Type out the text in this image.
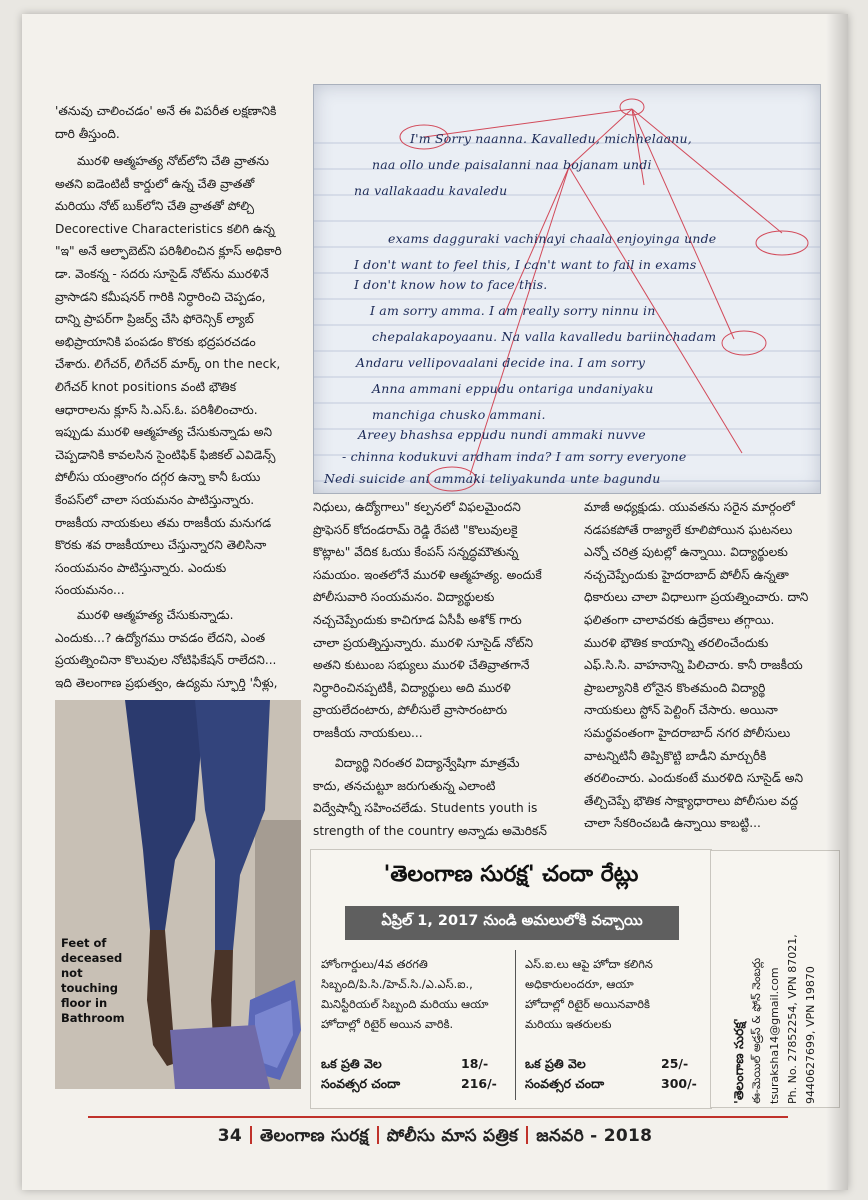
'తనువు చాలించడం' అనే ఈ విపరీత లక్షణానికి
దారి తీస్తుంది.
మురళి ఆత్మహత్య నోట్‌లోని చేతి వ్రాతను
అతని ఐడెంటిటీ కార్డులో ఉన్న చేతి వ్రాతతో
మరియు నోట్ బుక్‌లోని చేతి వ్రాతతో పోల్చి
Decorective Characteristics కలిగి ఉన్న
"ఇ" అనే ఆల్ఫాబెట్‌ని పరిశీలించిన క్లూస్ అధికారి
డా. వెంకన్న - సదరు సూసైడ్ నోట్‌ను మురళినే
వ్రాసాడని కమీషనర్ గారికి నిర్ధారించి చెప్పడం,
దాన్ని ప్రాపర్‌గా ప్రిజర్వ్ చేసి ఫోరెన్సిక్ ల్యాబ్
అభిప్రాయానికి పంపడం కొరకు భద్రపరచడం
చేశారు. లిగేచర్, లిగేచర్ మార్క్ on the neck,
లిగేచర్ knot positions వంటి భౌతిక
ఆధారాలను క్లూస్ సి.ఎస్.ఓ. పరిశీలించారు.
ఇప్పుడు మురళి ఆత్మహత్య చేసుకున్నాడు అని
చెప్పడానికి కావలసిన సైంటిఫిక్ ఫిజికల్ ఎవిడెన్స్
పోలీసు యంత్రాంగం దగ్గర ఉన్నా కానీ ఓయు
కేంపస్‌లో చాలా సయమనం పాటిస్తున్నారు.
రాజకీయ నాయకులు తమ రాజకీయ మనుగడ
కొరకు శవ రాజకీయాలు చేస్తున్నారని తెలిసినా
సంయమనం పాటిస్తున్నారు. ఎందుకు
సంయమనం...
మురళి ఆత్మహత్య చేసుకున్నాడు.
ఎందుకు...? ఉద్యోగము రావడం లేదని, ఎంత
ప్రయత్నించినా కొలువుల నోటిఫికేషన్ రాలేదని...
ఇది తెలంగాణ ప్రభుత్వం, ఉద్యమ స్ఫూర్తి 'నీళ్లు,
I'm Sorry naanna. Kavalledu, michhelaanu,
naa ollo unde paisalanni naa bojanam undi
na vallakaadu kavaledu
exams dagguraki vachinayi chaala enjoyinga unde
I don't want to feel this, I can't want to fail in exams
I don't know how to face this.
I am sorry amma. I am really sorry ninnu in
chepalakapoyaanu. Na valla kavalledu bariinchadam
Andaru vellipovaalani decide ina. I am sorry
Anna ammani eppudu ontariga undaniyaku
manchiga chusko ammani.
Areey bhashsa eppudu nundi ammaki nuvve
- chinna kodukuvi ardham inda? I am sorry everyone
Nedi suicide ani ammaki teliyakunda unte bagundu
నిధులు, ఉద్యోగాలు" కల్పనలో విఫలమైందని
ప్రొఫెసర్ కోదండరామ్ రెడ్డి రేపటి "కొలువులకై
కొట్లాట" వేదిక ఓయు కేంపస్ సన్నద్ధమౌతున్న
సమయం. ఇంతలోనే మురళి ఆత్మహత్య. అందుకే
పోలీసువారి సంయమనం. విద్యార్థులకు
నచ్చచెప్పేందుకు కాచిగూడ ఏసీపీ అశోక్ గారు
చాలా ప్రయత్నిస్తున్నారు. మురళి సూసైడ్ నోట్‌ని
అతని కుటుంబ సభ్యులు మురళి చేతివ్రాతగానే
నిర్ధారించినప్పటికీ, విద్యార్థులు అది మురళి
వ్రాయలేదంటారు, పోలీసులే వ్రాసారంటారు
రాజకీయ నాయకులు...
విద్యార్థి నిరంతర విద్యాన్వేషిగా మాత్రమే
కాదు, తనచుట్టూ జరుగుతున్న ఎలాంటి
విద్వేషాన్నీ సహించలేడు. Students youth is
strength of the country అన్నాడు అమెరికన్
మాజీ అధ్యక్షుడు. యువతను సరైన మార్గంలో
నడపకపోతే రాజ్యాలే కూలిపోయిన ఘటనలు
ఎన్నో చరిత్ర పుటల్లో ఉన్నాయి. విద్యార్థులకు
నచ్చచెప్పేందుకు హైదరాబాద్ పోలీస్ ఉన్నతా
ధికారులు చాలా విధాలుగా ప్రయత్నించారు. దాని
ఫలితంగా చాలావరకు ఉద్రేకాలు తగ్గాయి.
మురళి భౌతిక కాయాన్ని తరలించేందుకు
ఎఫ్.సి.సి. వాహనాన్ని పిలిచారు. కానీ రాజకీయ
ప్రాబల్యానికి లోనైన కొంతమంది విద్యార్థి
నాయకులు స్టోన్ పెల్టింగ్ చేసారు. అయినా
సమర్థవంతంగా హైదరాబాద్ నగర పోలీసులు
వాటన్నిటినీ తిప్పికొట్టి బాడీని మార్చురీకి
తరలించారు. ఎందుకంటే మురళిది సూసైడ్ అని
తేల్చిచెప్పే భౌతిక సాక్ష్యాధారాలు పోలీసుల వద్ద
చాలా సేకరించబడి ఉన్నాయి కాబట్టి...
Feet of
deceased
not
touching
floor in
Bathroom
'తెలంగాణ సురక్ష' చందా రేట్లు
ఏప్రిల్ 1, 2017 నుండి అమలులోకి వచ్చాయి
హోంగార్డులు/4వ తరగతి
సిబ్బంది/పి.సి./హెచ్.సి./ఎ.ఎస్.ఐ.,
మినిస్టీరియల్ సిబ్బంది మరియు ఆయా
హోదాల్లో రిటైర్ అయిన వారికి.
ఒక ప్రతి వెల	18/-
సంవత్సర చందా	216/-
ఎస్.ఐ.లు ఆపై హోదా కలిగిన
అధికారులందరూ, ఆయా
హోదాల్లో రిటైర్ అయినవారికి
మరియు ఇతరులకు
ఒక ప్రతి వెల	25/-
సంవత్సర చందా	300/-	'తెలంగాణ సురక్ష' ఈ-మెయిల్ అడ్రస్ & ఫోన్ నెంబర్లు tsuraksha14@gmail.com Ph. No. 27852254, VPN 87021, 9440627699, VPN 19870
34 తెలంగాణ సురక్ష పోలీసు మాస పత్రిక జనవరి - 2018
